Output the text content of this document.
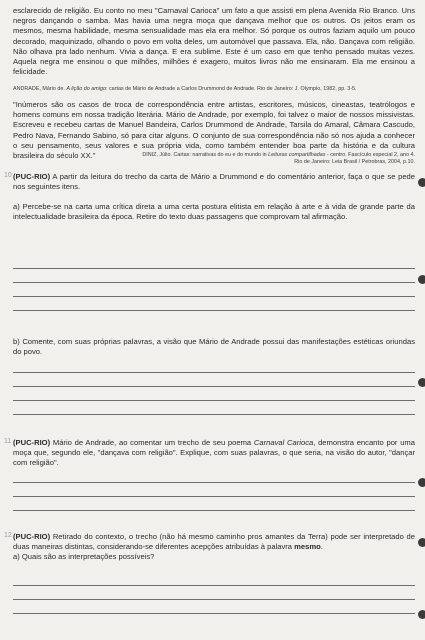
esclarecido de religião. Eu conto no meu "Carnaval Carioca" um fato a que assisti em plena Avenida Rio Branco. Uns negros dançando o samba. Mas havia uma negra moça que dançava melhor que os outros. Os jeitos eram os mesmos, mesma habilidade, mesma sensualidade mas ela era melhor. Só porque os outros faziam aquilo um pouco decorado, maquinizado, olhando o povo em volta deles, um automóvel que passava. Ela, não. Dançava com religião. Não olhava pra lado nenhum. Vivia a dança. E era sublime. Este é um caso em que tenho pensado muitas vezes. Aquela negra me ensinou o que milhões, milhões é exagero, muitos livros não me ensinaram. Ela me ensinou a felicidade.

ANDRADE, Mário de. A lição do amigo: cartas de Mário de Andrade a Carlos Drummond de Andrade. Rio de Janeiro: J. Olympio, 1982, pp. 3-5.

"Inúmeros são os casos de troca de correspondência entre artistas, escritores, músicos, cineastas, teatrólogos e homens comuns em nossa tradição literária. Mário de Andrade, por exemplo, foi talvez o maior de nossos missivistas. Escreveu e recebeu cartas de Manuel Bandeira, Carlos Drummond de Andrade, Tarsila do Amaral, Câmara Cascudo, Pedro Nava, Fernando Sabino, só para citar alguns. O conjunto de sua correspondência não só nos ajuda a conhecer o seu pensamento, seus valores e sua própria vida, como também entender boa parte da história e da cultura brasileira do século XX."	DINIZ, Júlio. Cartas: narrativas do eu e do mundo in Leituras compartilhadas - centro. Fascículo especial 2, ano 4.

Rio de Janeiro: Leia Brasil / Petrobras, 2004, p.10.

10 (PUC-RIO) A partir da leitura do trecho da carta de Mário a Drummond e do comentário anterior, faça o que se pede nos seguintes itens.

a) Percebe-se na carta uma crítica direta a uma certa postura elitista em relação à arte e à vida de grande parte da intelectualidade brasileira da época. Retire do texto duas passagens que comprovam tal afirmação.

b) Comente, com suas próprias palavras, a visão que Mário de Andrade possui das manifestações estéticas oriundas do povo.

11 (PUC-RIO) Mário de Andrade, ao comentar um trecho de seu poema Carnaval Carioca, demonstra encanto por uma moça que, segundo ele, "dançava com religião". Explique, com suas palavras, o que seria, na visão do autor, "dançar com religião".

12 (PUC-RIO) Retirado do contexto, o trecho (não há mesmo caminho pros amantes da Terra) pode ser interpretado de duas maneiras distintas, considerando-se diferentes acepções atribuídas à palavra mesmo.

a) Quais são as interpretações possíveis?
